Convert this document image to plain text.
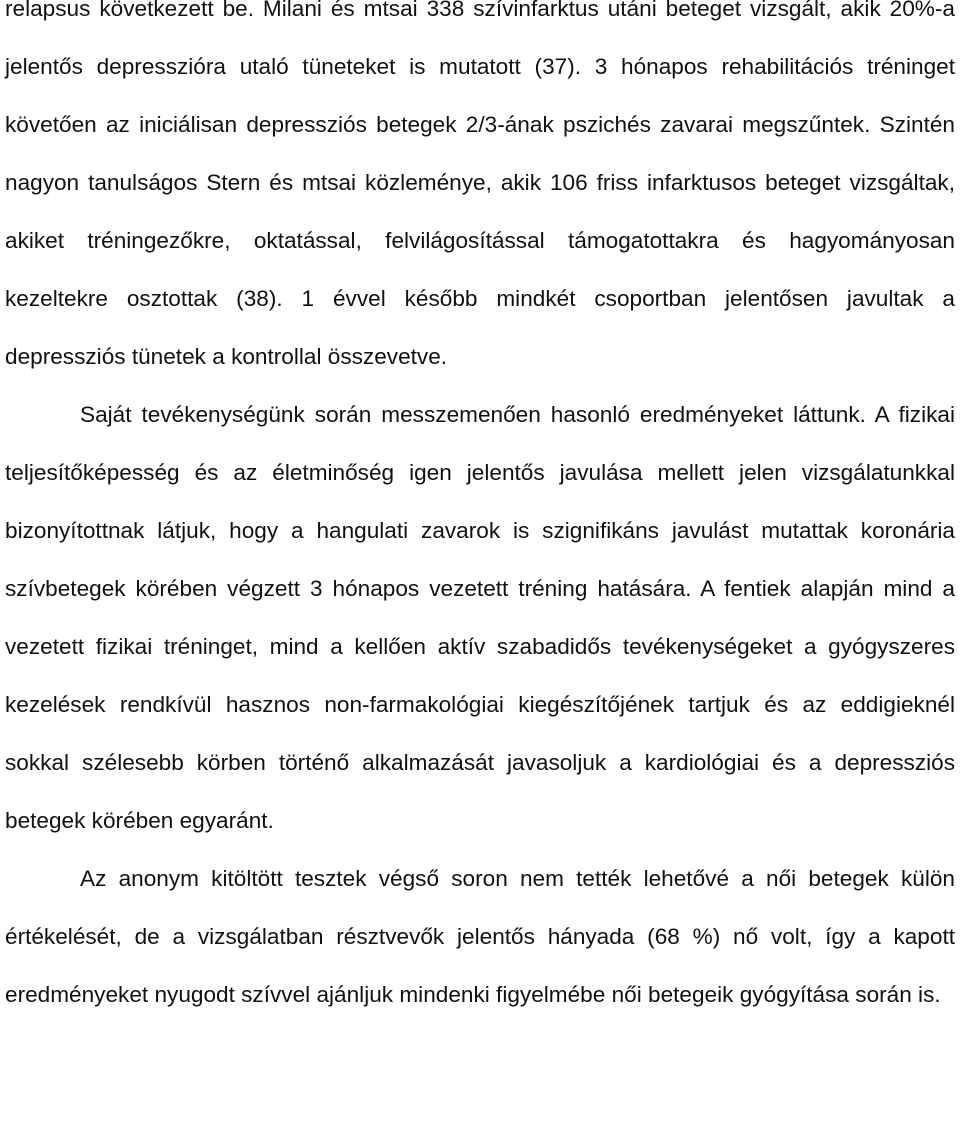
relapsus következett be. Milani és mtsai 338 szívinfarktus utáni beteget vizsgált, akik 20%-a jelentős depresszióra utaló tüneteket is mutatott (37). 3 hónapos rehabilitációs tréninget követően az iniciálisan depressziós betegek 2/3-ának pszichés zavarai megszűntek. Szintén nagyon tanulságos Stern és mtsai közleménye, akik 106 friss infarktusos beteget vizsgáltak, akiket tréningezőkre, oktatással, felvilágosítással támogatottakra és hagyományosan kezeltekre osztottak (38). 1 évvel később mindkét csoportban jelentősen javultak a depressziós tünetek a kontrollal összevetve.

Saját tevékenységünk során messzemenően hasonló eredményeket láttunk. A fizikai teljesítőképesség és az életminőség igen jelentős javulása mellett jelen vizsgálatunkkal bizonyítottnak látjuk, hogy a hangulati zavarok is szignifikáns javulást mutattak koronária szívbetegek körében végzett 3 hónapos vezetett tréning hatására. A fentiek alapján mind a vezetett fizikai tréninget, mind a kellően aktív szabadidős tevékenységeket a gyógyszeres kezelések rendkívül hasznos non-farmakológiai kiegészítőjének tartjuk és az eddigieknél sokkal szélesebb körben történő alkalmazását javasoljuk a kardiológiai és a depressziós betegek körében egyaránt.

Az anonym kitöltött tesztek végső soron nem tették lehetővé a női betegek külön értékelését, de a vizsgálatban résztvevők jelentős hányada (68 %) nő volt, így a kapott eredményeket nyugodt szívvel ajánljuk mindenki figyelmébe női betegeik gyógyítása során is.
